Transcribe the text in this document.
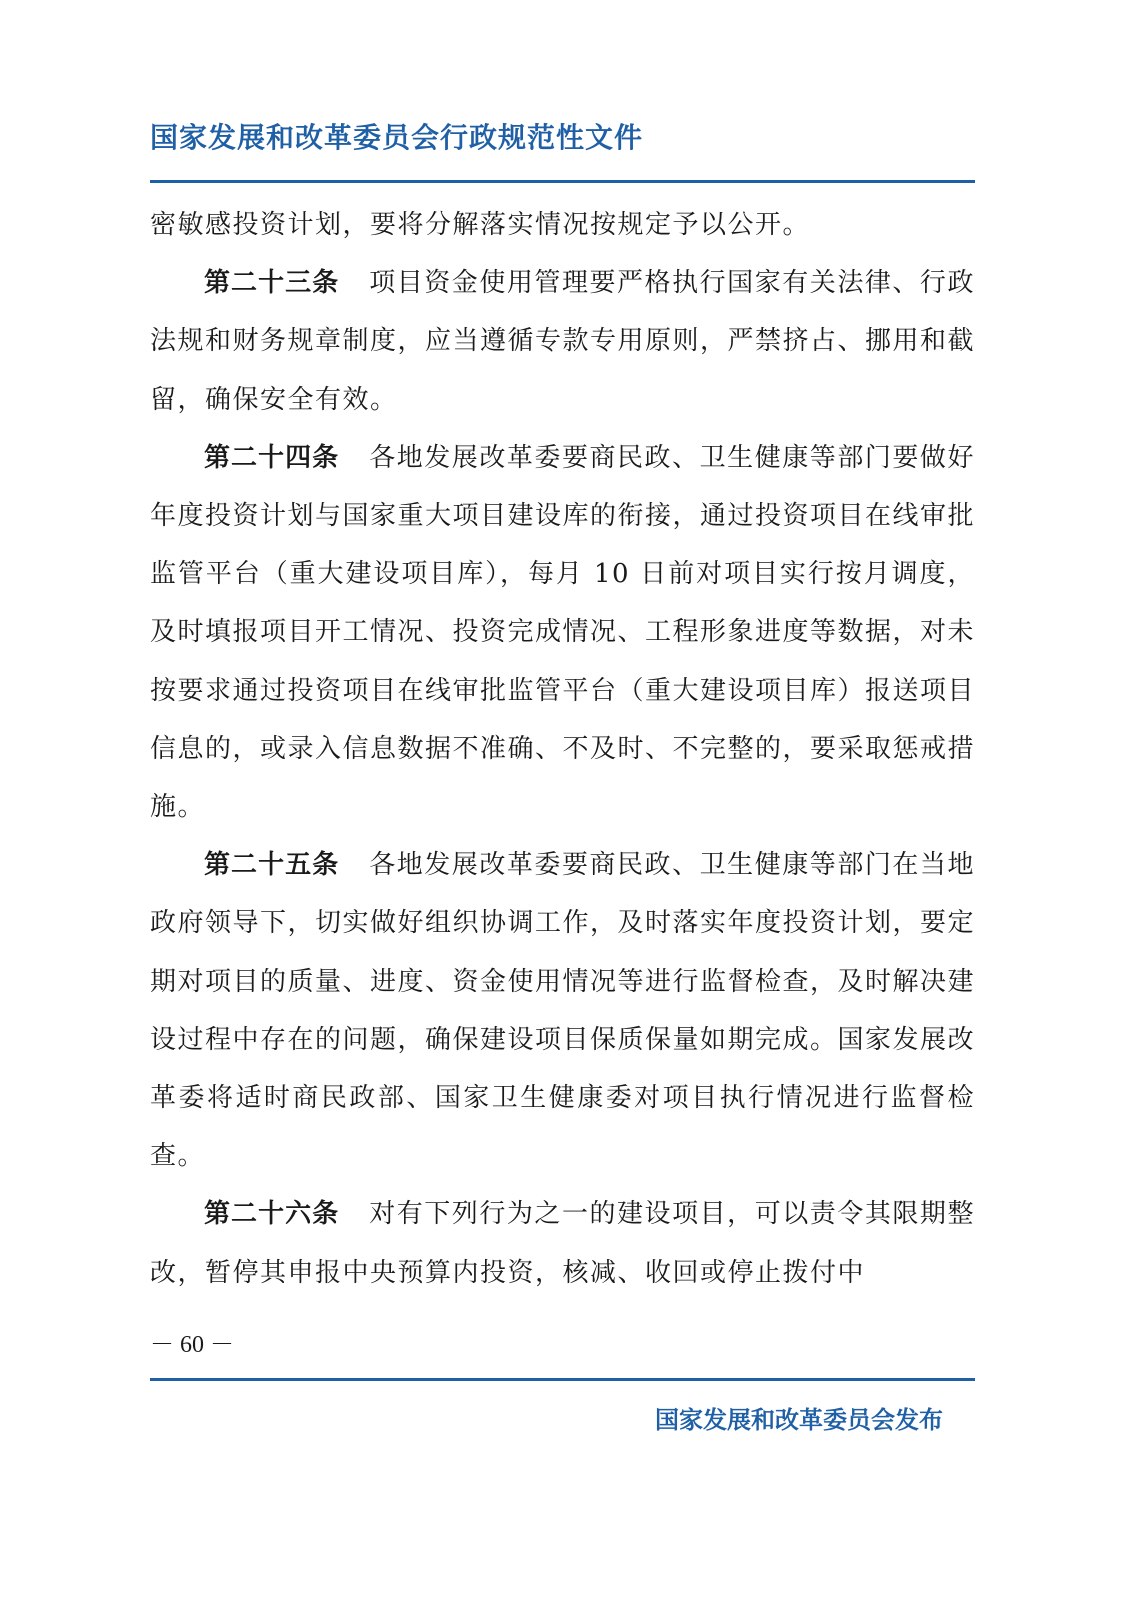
国家发展和改革委员会行政规范性文件

密敏感投资计划，要将分解落实情况按规定予以公开。

第二十三条 项目资金使用管理要严格执行国家有关法律、行政法规和财务规章制度，应当遵循专款专用原则，严禁挤占、挪用和截留，确保安全有效。

第二十四条 各地发展改革委要商民政、卫生健康等部门要做好年度投资计划与国家重大项目建设库的衔接，通过投资项目在线审批监管平台（重大建设项目库），每月 10 日前对项目实行按月调度，及时填报项目开工情况、投资完成情况、工程形象进度等数据，对未按要求通过投资项目在线审批监管平台（重大建设项目库）报送项目信息的，或录入信息数据不准确、不及时、不完整的，要采取惩戒措施。

第二十五条 各地发展改革委要商民政、卫生健康等部门在当地政府领导下，切实做好组织协调工作，及时落实年度投资计划，要定期对项目的质量、进度、资金使用情况等进行监督检查，及时解决建设过程中存在的问题，确保建设项目保质保量如期完成。国家发展改革委将适时商民政部、国家卫生健康委对项目执行情况进行监督检查。

第二十六条 对有下列行为之一的建设项目，可以责令其限期整改，暂停其申报中央预算内投资，核减、收回或停止拨付中

－ 60 －
国家发展和改革委员会发布
